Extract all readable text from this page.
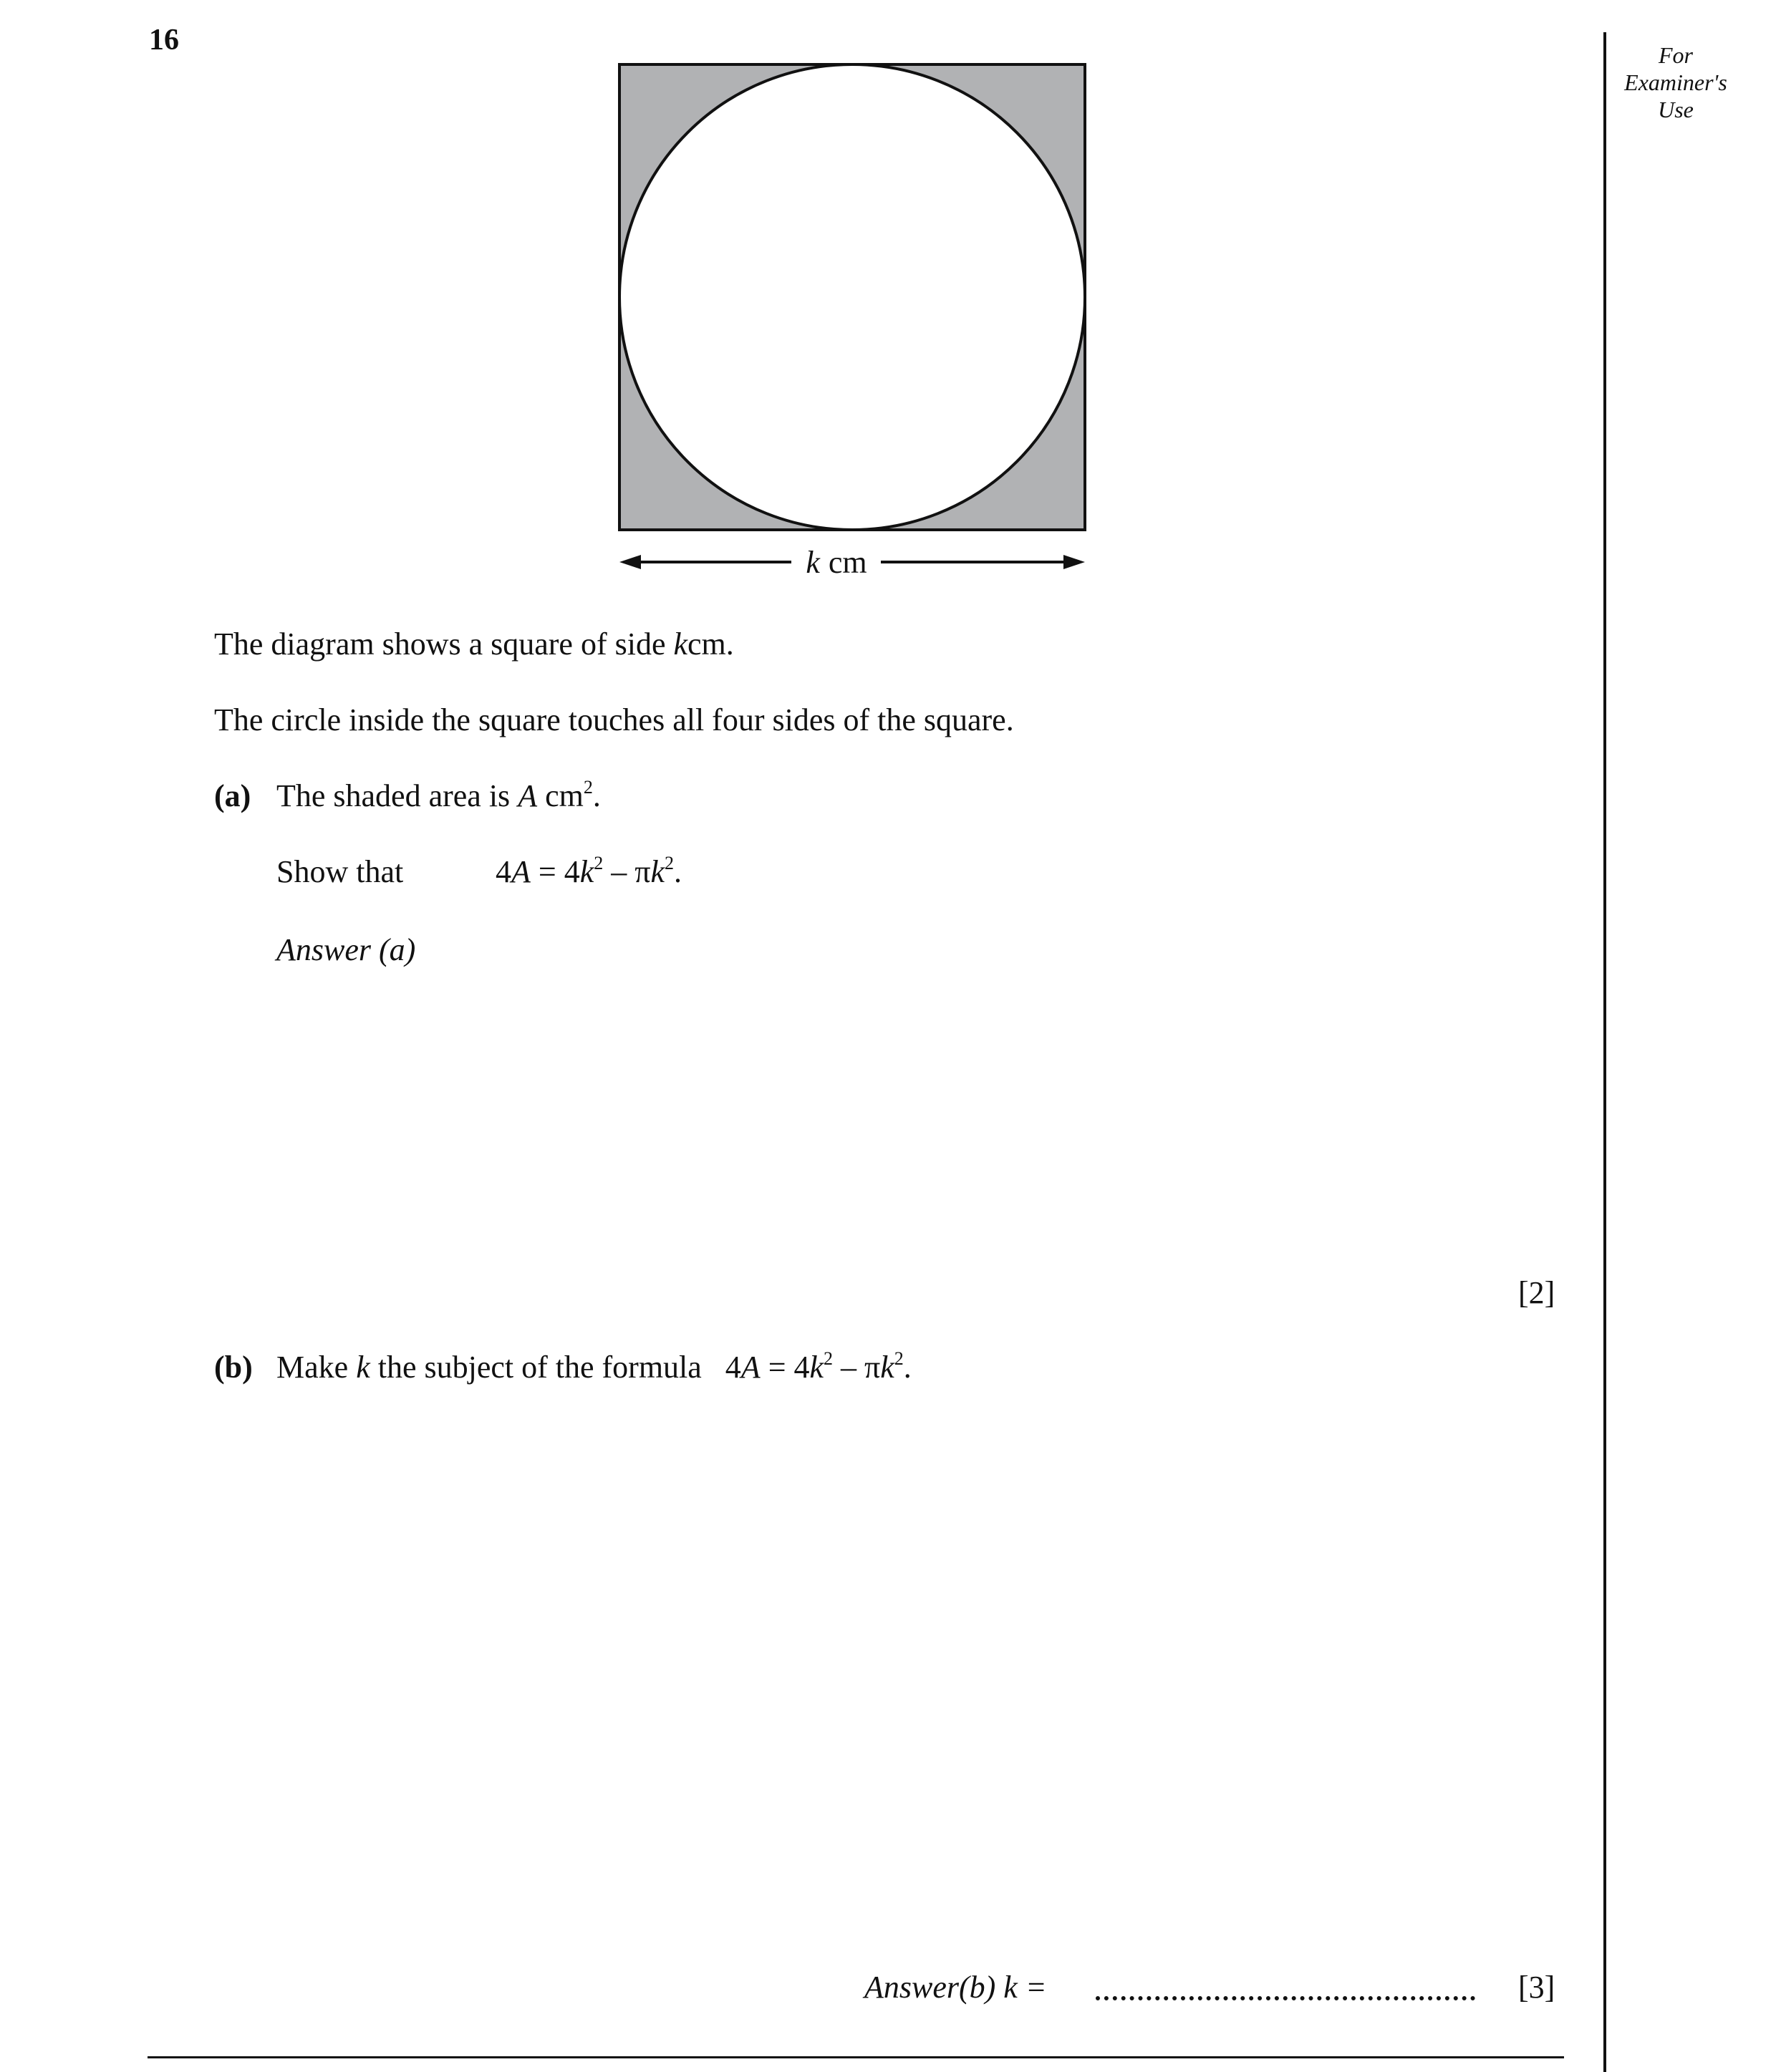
16	For
Examiner's
Use
k cm
The diagram shows a square of side kcm.
The circle inside the square touches all four sides of the square.
(a) The shaded area is A $cm^2$.
Show that	$4A = 4k^2 - \pi k^2$.
Answer (a)
[2]
(b) Make k the subject of the formula $4A = 4k^2 - \pi k^2$.
Answer(b) k =	[3]
